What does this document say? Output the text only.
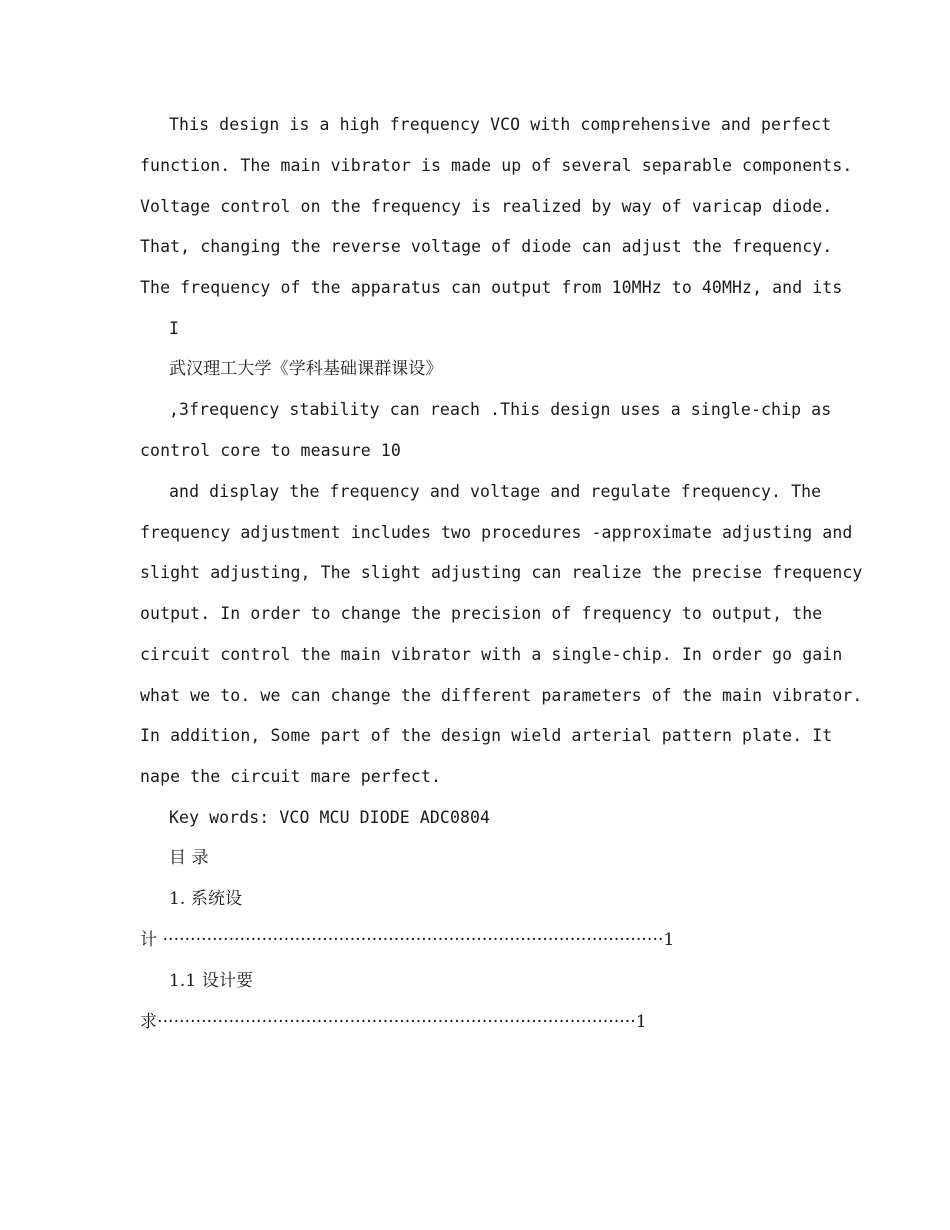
This design is a high frequency VCO with comprehensive and perfect
function. The main vibrator is made up of several separable components.
Voltage control on the frequency is realized by way of varicap diode.
That, changing the reverse voltage of diode can adjust the frequency.
The frequency of the apparatus can output from 10MHz to 40MHz, and its
I
武汉理工大学《学科基础课群课设》
,3frequency stability can reach .This design uses a single-chip as
control core to measure 10
and display the frequency and voltage and regulate frequency. The
frequency adjustment includes two procedures -approximate adjusting and
slight adjusting, The slight adjusting can realize the precise frequency
output. In order to change the precision of frequency to output, the
circuit control the main vibrator with a single-chip. In order go gain
what we to. we can change the different parameters of the main vibrator.
In addition, Some part of the design wield arterial pattern plate. It
nape the circuit mare perfect.
Key words: VCO MCU DIODE ADC0804
目 录
1. 系统设
计 ···························································································1
1.1 设计要
求·······················································································1
